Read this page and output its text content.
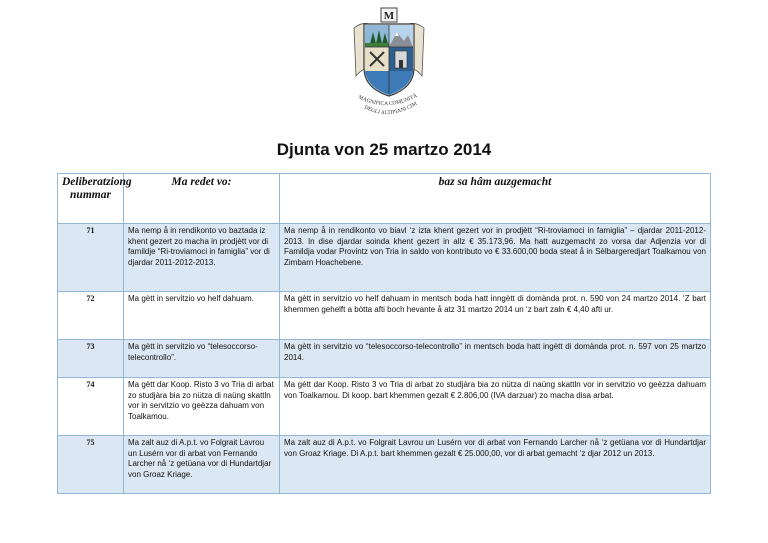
M
MAGNIFICA COMUNITÀ
DEGLI ALTIPIANI CIM
Djunta von 25 martzo 2014
Deliberatziong nummar	Ma redet vo:	baz sa hâm auzgemacht
71	Ma nemp å in rendikonto vo baztada iz khent gezert zo macha in prodjètt vor di famildje “Ri-troviamoci in famiglia” vor di djardar 2011-2012-2013.	Ma nemp å in rendikonto vo biavl ‘z izta khent gezert vor in prodjètt “Ri-troviamoci in famiglia” – djardar 2011-2012-2013. In dise djardar soinda khent gezert in allz € 35.173,96. Ma hatt auzgemacht zo vorsa dar Adjenzia vor di Famildja vodar Provintz von Tria in saldo von kontributo vo € 33.600,00 boda steat å in Sèlbargeredjart Toalkamou von Zimbarn Hoachebene.
72	Ma gètt in servitzio vo helf dahuam.	Ma gètt in servitzio vo helf dahuam in mentsch boda hatt inngètt di domànda prot. n. 590 von 24 martzo 2014. ‘Z bart khemmen gehelft a bòtta afti boch hevante å atz 31 martzo 2014 un ‘z bart zaln € 4,40 afti ur.
73	Ma gètt in servitzio vo “telesoccorso-telecontrollo”.	Ma gètt in servitzio vo “telesoccorso-telecontrollo” in mentsch boda hatt ingètt di domànda prot. n. 597 von 25 martzo 2014.
74	Ma gètt dar Koop. Risto 3 vo Tria di arbat zo studjàra bia zo nütza di naüng skattln vor in servitzio vo geèzza dahuam von Toalkamou.	Ma gètt dar Koop. Risto 3 vo Tria di arbat zo studjàra bia zo nütza di naüng skattln vor in servitzio vo geèzza dahuam von Toalkamou. Di koop. bart khemmen gezalt € 2.806,00 (IVA darzuar) zo macha disa arbat.
75	Ma zalt auz di A.p.t. vo Folgrait Lavrou un Lusérn vor di arbat von Fernando Larcher nå ‘z getüana vor di Hundartdjar von Groaz Kriage.	Ma zalt auz di A.p.t. vo Folgrait Lavrou un Lusérn vor di arbat von Fernando Larcher nå ‘z getüana vor di Hundartdjar von Groaz Kriage. Di A.p.t. bart khemmen gezalt € 25.000,00, vor di arbat gemacht ‘z djar 2012 un 2013.
